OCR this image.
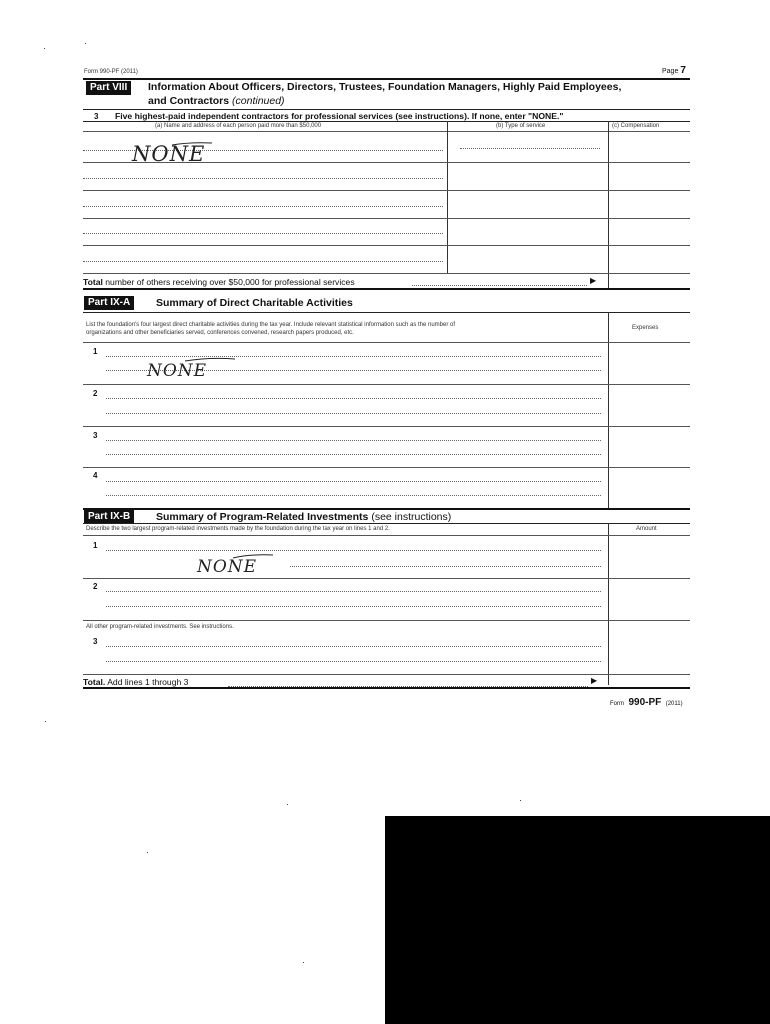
Form 990-PF (2011)	Page 7
Part VIII	Information About Officers, Directors, Trustees, Foundation Managers, Highly Paid Employees,
and Contractors (continued)
3 Five highest-paid independent contractors for professional services (see instructions). If none, enter "NONE."
(a) Name and address of each person paid more than $50,000	(b) Type of service	(c) Compensation
NONE
Total number of others receiving over $50,000 for professional services	▶
Part IX-A	Summary of Direct Charitable Activities
List the foundation's four largest direct charitable activities during the tax year. Include relevant statistical information such as the number of
organizations and other beneficiaries served, conferences convened, research papers produced, etc.
Expenses
1
NONE
2
3
4
Part IX-B	Summary of Program-Related Investments (see instructions)
Describe the two largest program-related investments made by the foundation during the tax year on lines 1 and 2.	Amount
1
NONE
2
All other program-related investments. See instructions.
3
Total. Add lines 1 through 3	▶
Form 990-PF (2011)
